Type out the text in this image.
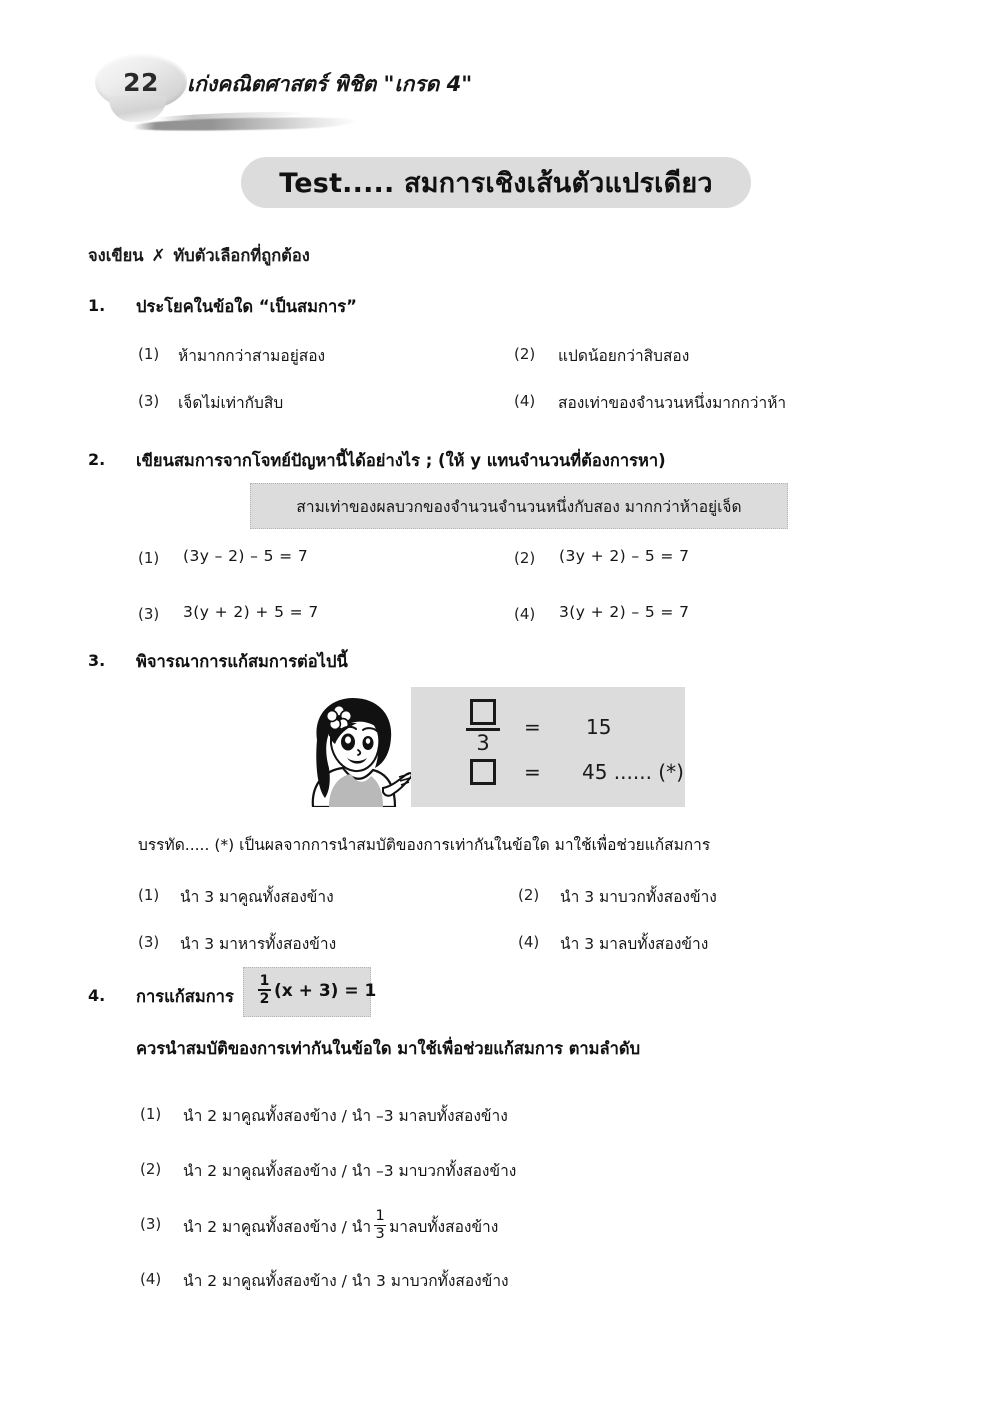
22	เก่งคณิตศาสตร์ พิชิต "เกรด 4"
Test..... สมการเชิงเส้นตัวแปรเดียว
จงเขียน ✗ ทับตัวเลือกที่ถูกต้อง
1. ประโยคในข้อใด “เป็นสมการ”
(1) ห้ามากกว่าสามอยู่สอง	(2) แปดน้อยกว่าสิบสอง
(3) เจ็ดไม่เท่ากับสิบ	(4) สองเท่าของจำนวนหนึ่งมากกว่าห้า
2. เขียนสมการจากโจทย์ปัญหานี้ได้อย่างไร ; (ให้ y แทนจำนวนที่ต้องการหา)
สามเท่าของผลบวกของจำนวนจำนวนหนึ่งกับสอง มากกว่าห้าอยู่เจ็ด
(1) (3y – 2) – 5 = 7	(2) (3y + 2) – 5 = 7
(3) 3(y + 2) + 5 = 7	(4) 3(y + 2) – 5 = 7
3. พิจารณาการแก้สมการต่อไปนี้
3
= 15
= 45 ...... (*)
บรรทัด..... (*) เป็นผลจากการนำสมบัติของการเท่ากันในข้อใด มาใช้เพื่อช่วยแก้สมการ
(1) นำ 3 มาคูณทั้งสองข้าง	(2) นำ 3 มาบวกทั้งสองข้าง
(3) นำ 3 มาหารทั้งสองข้าง	(4) นำ 3 มาลบทั้งสองข้าง
4. การแก้สมการ
1
2 (x + 3) = 1
ควรนำสมบัติของการเท่ากันในข้อใด มาใช้เพื่อช่วยแก้สมการ ตามลำดับ
(1) นำ 2 มาคูณทั้งสองข้าง / นำ –3 มาลบทั้งสองข้าง
(2) นำ 2 มาคูณทั้งสองข้าง / นำ –3 มาบวกทั้งสองข้าง
(3) นำ 2 มาคูณทั้งสองข้าง / นำ
1
3 มาลบทั้งสองข้าง
(4) นำ 2 มาคูณทั้งสองข้าง / นำ 3 มาบวกทั้งสองข้าง
